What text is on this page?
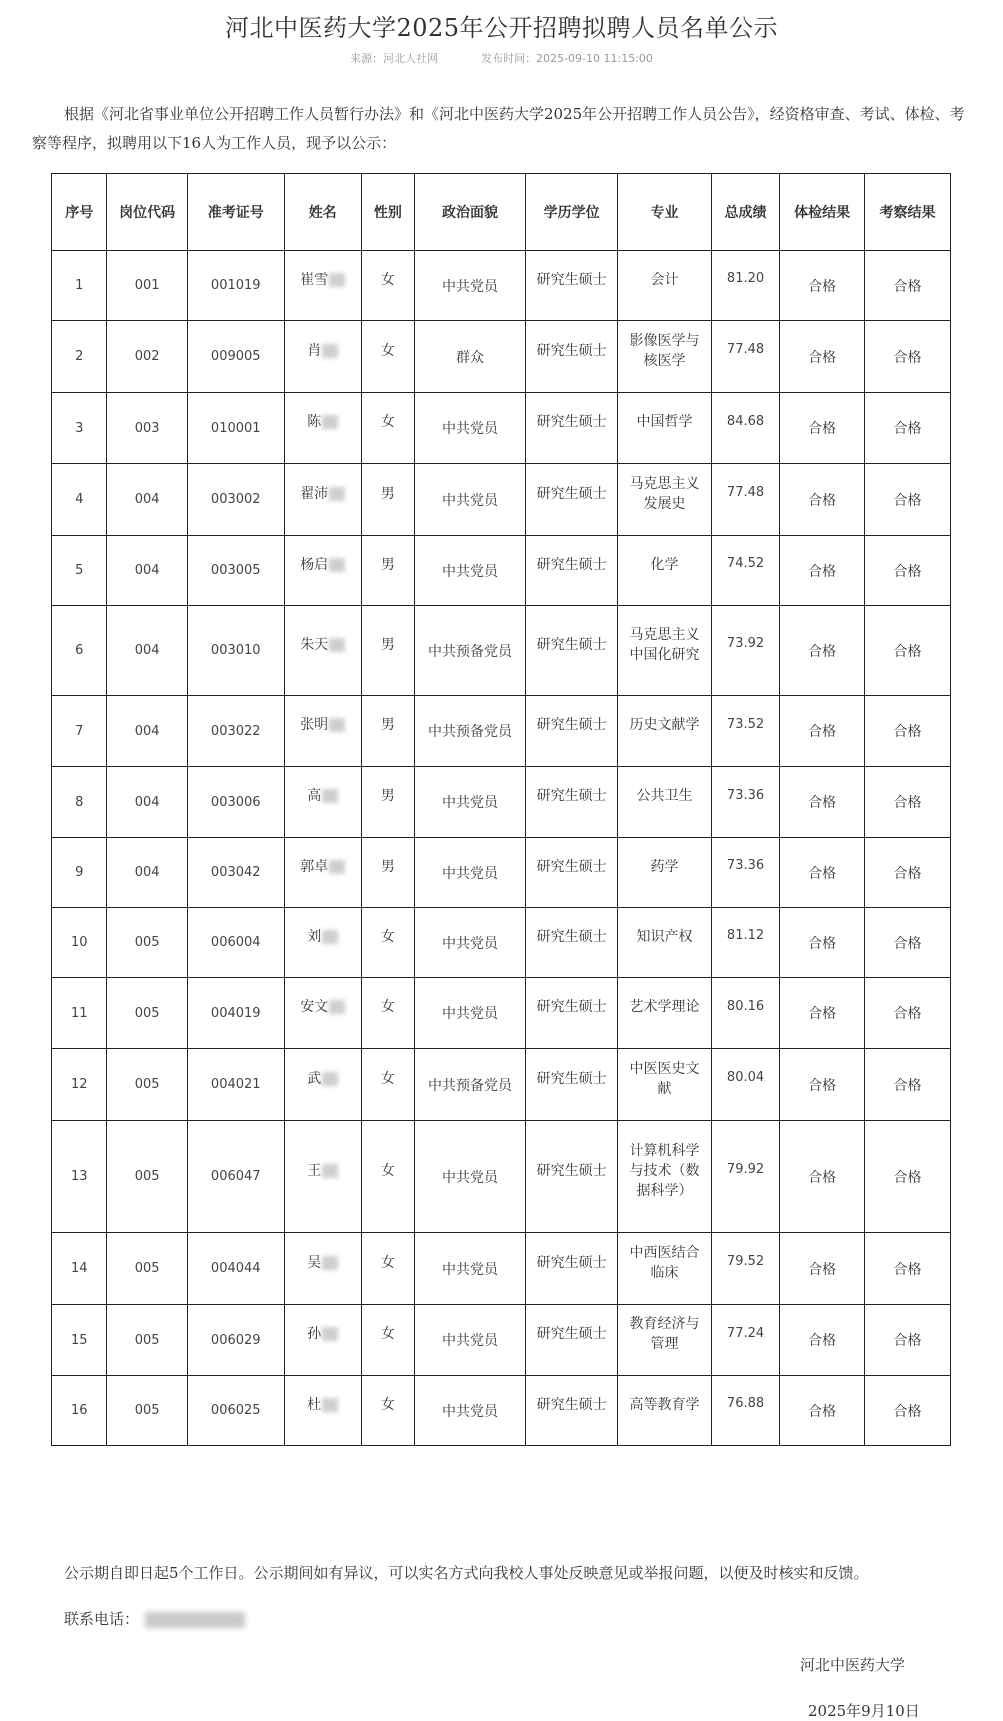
河北中医药大学2025年公开招聘拟聘人员名单公示
来源：河北人社网	发布时间：2025-09-10 11:15:00
根据《河北省事业单位公开招聘工作人员暂行办法》和《河北中医药大学2025年公开招聘工作人员公告》，经资格审查、考试、体检、考察等程序，拟聘用以下16人为工作人员，现予以公示：
序号	岗位代码	准考证号	姓名	性别	政治面貌	学历学位	专业	总成绩	体检结果	考察结果
1	001	001019	崔雪	女	中共党员	研究生硕士	会计	81.20	合格	合格
2	002	009005	肖	女	群众	研究生硕士	影像医学与
核医学	77.48	合格	合格
3	003	010001	陈	女	中共党员	研究生硕士	中国哲学	84.68	合格	合格
4	004	003002	翟沛	男	中共党员	研究生硕士	马克思主义
发展史	77.48	合格	合格
5	004	003005	杨启	男	中共党员	研究生硕士	化学	74.52	合格	合格
6	004	003010	朱天	男	中共预备党员	研究生硕士	马克思主义
中国化研究	73.92	合格	合格
7	004	003022	张明	男	中共预备党员	研究生硕士	历史文献学	73.52	合格	合格
8	004	003006	高	男	中共党员	研究生硕士	公共卫生	73.36	合格	合格
9	004	003042	郭卓	男	中共党员	研究生硕士	药学	73.36	合格	合格
10	005	006004	刘	女	中共党员	研究生硕士	知识产权	81.12	合格	合格
11	005	004019	安文	女	中共党员	研究生硕士	艺术学理论	80.16	合格	合格
12	005	004021	武	女	中共预备党员	研究生硕士	中医医史文
献	80.04	合格	合格
13	005	006047	王	女	中共党员	研究生硕士	计算机科学
与技术（数
据科学）	79.92	合格	合格
14	005	004044	吴	女	中共党员	研究生硕士	中西医结合
临床	79.52	合格	合格
15	005	006029	孙	女	中共党员	研究生硕士	教育经济与
管理	77.24	合格	合格
16	005	006025	杜	女	中共党员	研究生硕士	高等教育学	76.88	合格	合格
公示期自即日起5个工作日。公示期间如有异议，可以实名方式向我校人事处反映意见或举报问题，以便及时核实和反馈。
联系电话：
河北中医药大学
2025年9月10日
